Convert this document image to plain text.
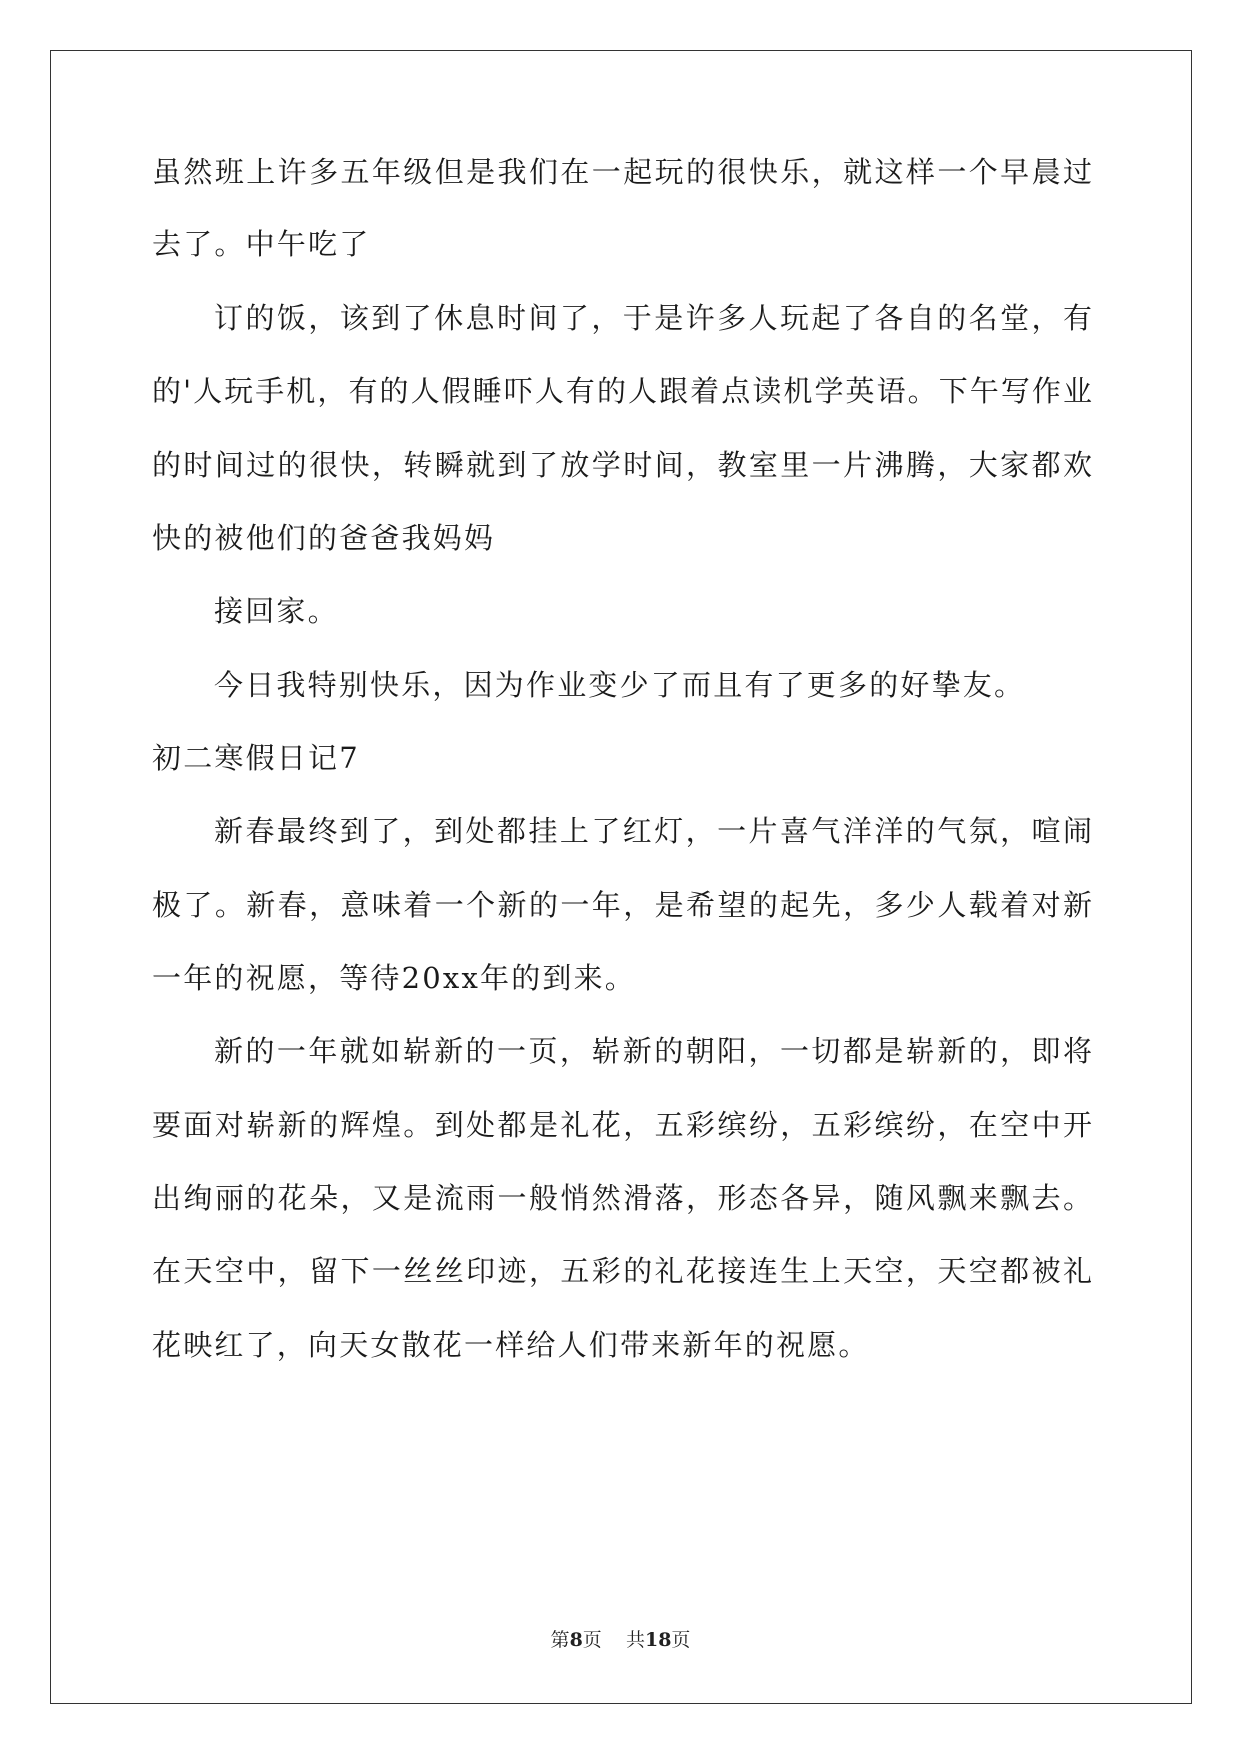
虽然班上许多五年级但是我们在一起玩的很快乐，就这样一个早晨过
去了。中午吃了
订的饭，该到了休息时间了，于是许多人玩起了各自的名堂，有
的'人玩手机，有的人假睡吓人有的人跟着点读机学英语。下午写作业
的时间过的很快，转瞬就到了放学时间，教室里一片沸腾，大家都欢
快的被他们的爸爸我妈妈
接回家。
今日我特别快乐，因为作业变少了而且有了更多的好挚友。
初二寒假日记7
新春最终到了，到处都挂上了红灯，一片喜气洋洋的气氛，喧闹
极了。新春，意味着一个新的一年，是希望的起先，多少人载着对新
一年的祝愿，等待20xx年的到来。
新的一年就如崭新的一页，崭新的朝阳，一切都是崭新的，即将
要面对崭新的辉煌。到处都是礼花，五彩缤纷，五彩缤纷，在空中开
出绚丽的花朵，又是流雨一般悄然滑落，形态各异，随风飘来飘去。
在天空中，留下一丝丝印迹，五彩的礼花接连生上天空，天空都被礼
花映红了，向天女散花一样给人们带来新年的祝愿。
第8页    共18页
